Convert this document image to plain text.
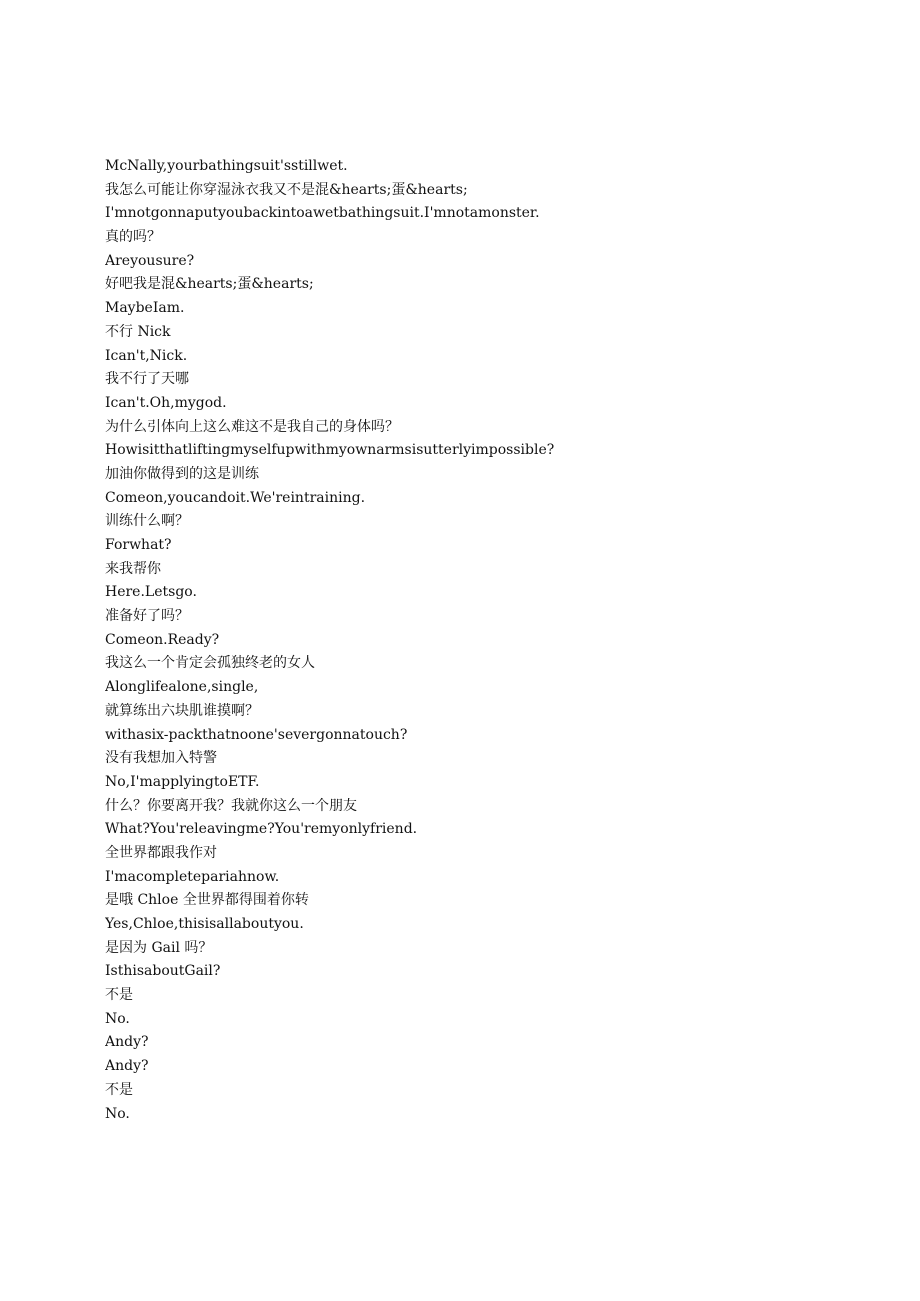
McNally,yourbathingsuit'sstillwet.
我怎么可能让你穿湿泳衣我又不是混&hearts;蛋&hearts;
I'mnotgonnaputyoubackintoawetbathingsuit.I'mnotamonster.
真的吗？
Areyousure?
好吧我是混&hearts;蛋&hearts;
MaybeIam.
不行 Nick
Ican't,Nick.
我不行了天哪
Ican't.Oh,mygod.
为什么引体向上这么难这不是我自己的身体吗？
Howisitthatliftingmyselfupwithmyownarmsisutterlyimpossible?
加油你做得到的这是训练
Comeon,youcandoit.We'reintraining.
训练什么啊？
Forwhat?
来我帮你
Here.Letsgo.
准备好了吗？
Comeon.Ready?
我这么一个肯定会孤独终老的女人
Alonglifealone,single,
就算练出六块肌谁摸啊？
withasix-packthatnoone'severgonnatouch?
没有我想加入特警
No,I'mapplyingtoETF.
什么？你要离开我？我就你这么一个朋友
What?You'releavingme?You'remyonlyfriend.
全世界都跟我作对
I'macompletepariahnow.
是哦 Chloe 全世界都得围着你转
Yes,Chloe,thisisallaboutyou.
是因为 Gail 吗？
IsthisaboutGail?
不是
No.
Andy?
Andy?
不是
No.
